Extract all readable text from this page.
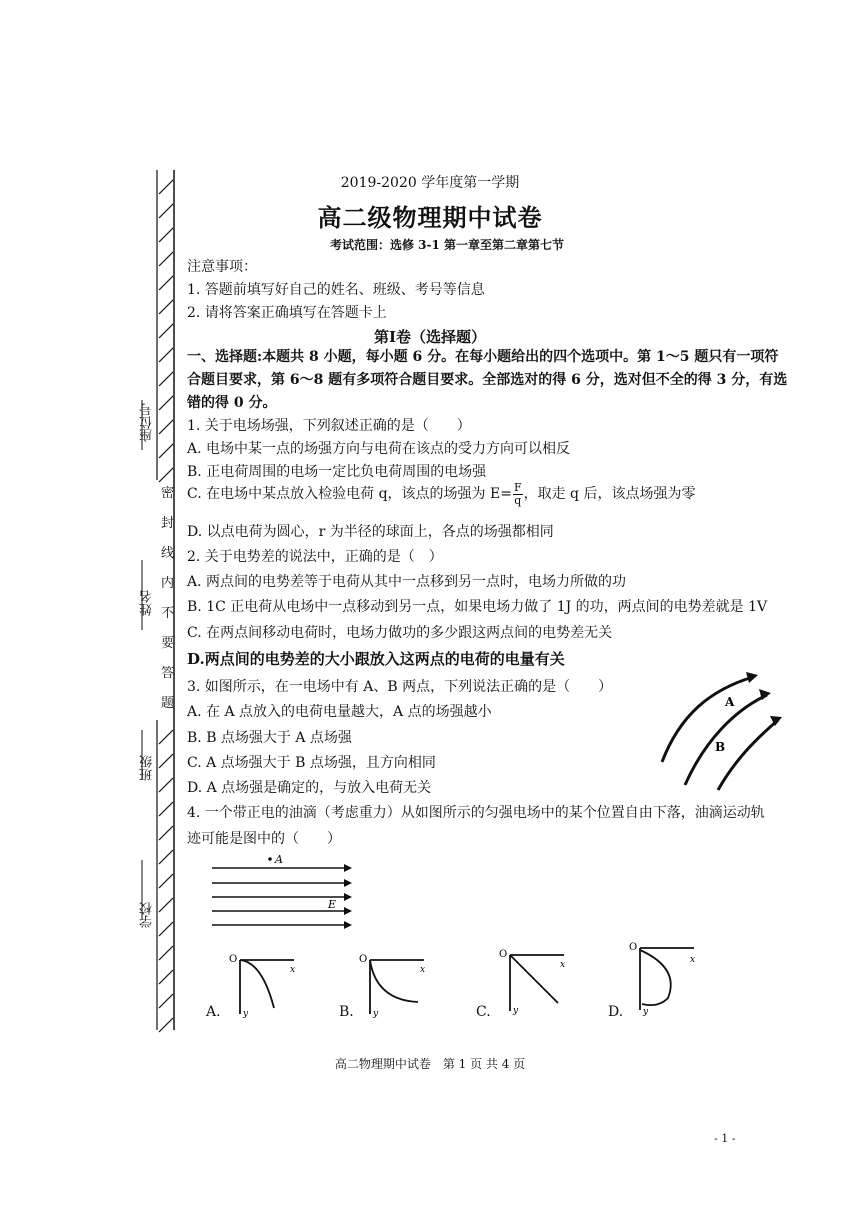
座位号
姓名
班级
学校
密
封
线
内
不
要
答
题
2019-2020 学年度第一学期
高二级物理期中试卷
考试范围：选修 3-1 第一章至第二章第七节
注意事项：
1. 答题前填写好自己的姓名、班级、考号等信息
2. 请将答案正确填写在答题卡上
第Ⅰ卷（选择题）
一、选择题:本题共 8 小题，每小题 6 分。在每小题给出的四个选项中。第 1～5 题只有一项符
合题目要求，第 6～8 题有多项符合题目要求。全部选对的得 6 分，选对但不全的得 3 分，有选
错的得 0 分。
1. 关于电场场强，下列叙述正确的是（　　）
A. 电场中某一点的场强方向与电荷在该点的受力方向可以相反
B. 正电荷周围的电场一定比负电荷周围的电场强
C. 在电场中某点放入检验电荷 q，该点的场强为 $E= \frac{F}{q}$ ，取走 q 后，该点场强为零
D. 以点电荷为圆心，r 为半径的球面上，各点的场强都相同
2. 关于电势差的说法中，正确的是（　）
A. 两点间的电势差等于电荷从其中一点移到另一点时，电场力所做的功
B. 1C 正电荷从电场中一点移动到另一点，如果电场力做了 1J 的功，两点间的电势差就是 1V
C. 在两点间移动电荷时，电场力做功的多少跟这两点间的电势差无关
D.两点间的电势差的大小跟放入这两点的电荷的电量有关
3. 如图所示，在一电场中有 A、B 两点，下列说法正确的是（　　）
A. 在 A 点放入的电荷电量越大，A 点的场强越小
B. B 点场强大于 A 点场强
C. A 点场强大于 B 点场强，且方向相同
D. A 点场强是确定的，与放入电荷无关
A
B
4. 一个带正电的油滴（考虑重力）从如图所示的匀强电场中的某个位置自由下落，油滴运动轨
迹可能是图中的（　　）
A
E
O
x
y
O
x
y
O
x
y
O
x
y
A.	B.	C.	D.
高二物理期中试卷　第 1 页 共 4 页
- 1 -
